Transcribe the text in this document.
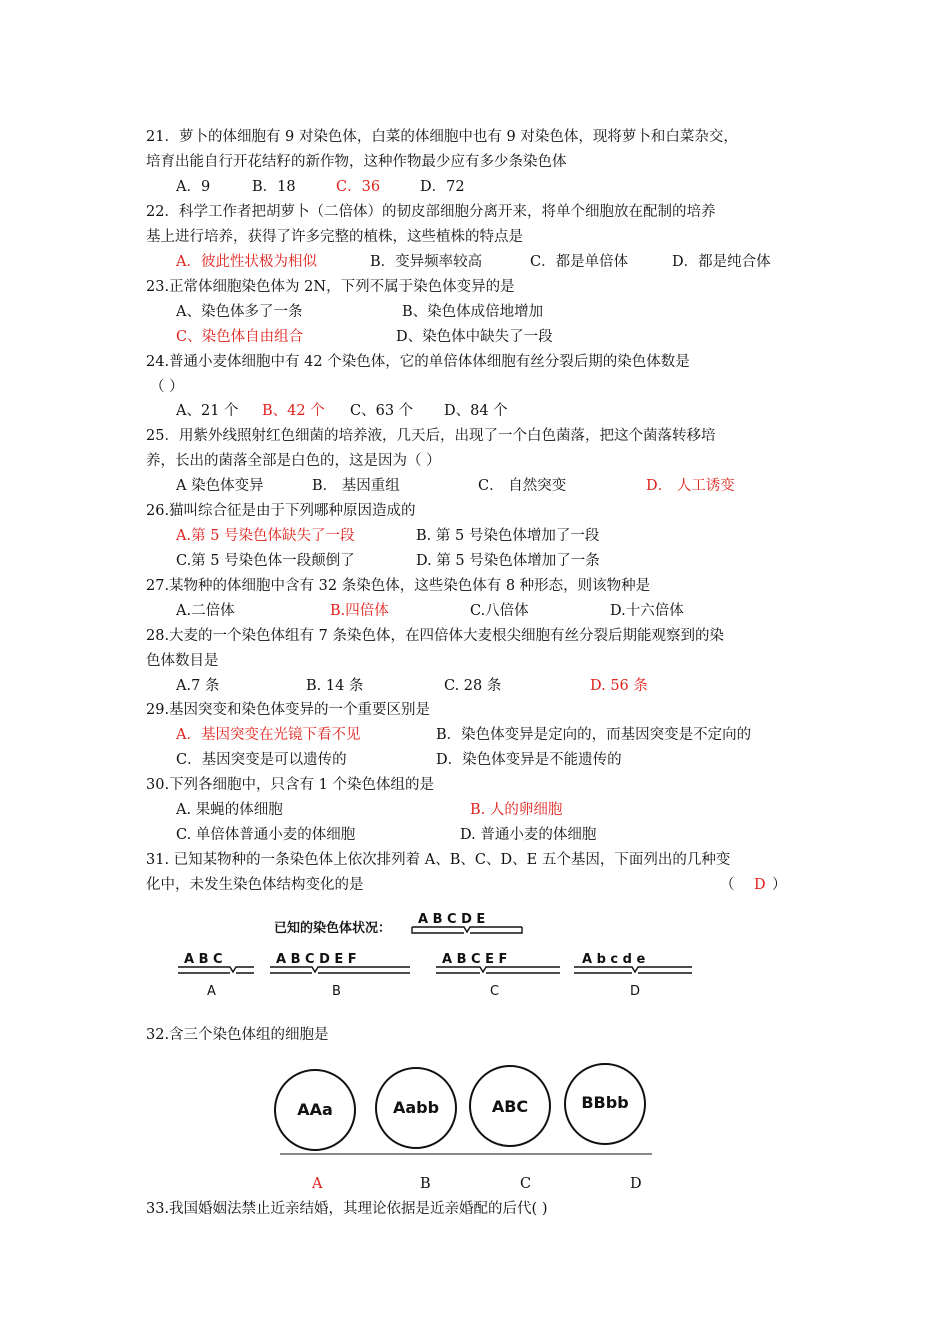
21．萝卜的体细胞有 9 对染色体，白菜的体细胞中也有 9 对染色体，现将萝卜和白菜杂交，
培育出能自行开花结籽的新作物，这种作物最少应有多少条染色体
A．9	B．18	C．36	D．72
22．科学工作者把胡萝卜（二倍体）的韧皮部细胞分离开来，将单个细胞放在配制的培养
基上进行培养，获得了许多完整的植株，这些植株的特点是
A．彼此性状极为相似	B．变异频率较高	C．都是单倍体	D．都是纯合体
23.正常体细胞染色体为 2N，下列不属于染色体变异的是
A、染色体多了一条	B、染色体成倍地增加
C、染色体自由组合	D、染色体中缺失了一段
24.普通小麦体细胞中有 42 个染色体，它的单倍体体细胞有丝分裂后期的染色体数是
（ ）
A、21 个 B、42 个 C、63 个 D、84 个
25．用紫外线照射红色细菌的培养液，几天后，出现了一个白色菌落，把这个菌落转移培
养，长出的菌落全部是白色的，这是因为（ ）
A 染色体变异	B． 基因重组	C． 自然突变	D． 人工诱变
26.猫叫综合征是由于下列哪种原因造成的
A.第 5 号染色体缺失了一段	B. 第 5 号染色体增加了一段
C.第 5 号染色体一段颠倒了	D. 第 5 号染色体增加了一条
27.某物种的体细胞中含有 32 条染色体，这些染色体有 8 种形态，则该物种是
A.二倍体	B.四倍体	C.八倍体	D.十六倍体
28.大麦的一个染色体组有 7 条染色体，在四倍体大麦根尖细胞有丝分裂后期能观察到的染
色体数目是
A.7 条	B. 14 条	C. 28 条	D. 56 条
29.基因突变和染色体变异的一个重要区别是
A．基因突变在光镜下看不见	B．染色体变异是定向的，而基因突变是不定向的
C．基因突变是可以遗传的	D．染色体变异是不能遗传的
30.下列各细胞中，只含有 1 个染色体组的是
A. 果蝇的体细胞	B. 人的卵细胞
C. 单倍体普通小麦的体细胞	D. 普通小麦的体细胞
31. 已知某物种的一条染色体上依次排列着 A、B、C、D、E 五个基因，下面列出的几种变
化中，未发生染色体结构变化的是	（ D ）
已知的染色体状况：
A B C D E
A B C
A
A B C D E F
B
A B C E F
C
A b c d e
D
32.含三个染色体组的细胞是
AAa	Aabb	ABC	BBbb
A	B	C	D
33.我国婚姻法禁止近亲结婚，其理论依据是近亲婚配的后代( )
